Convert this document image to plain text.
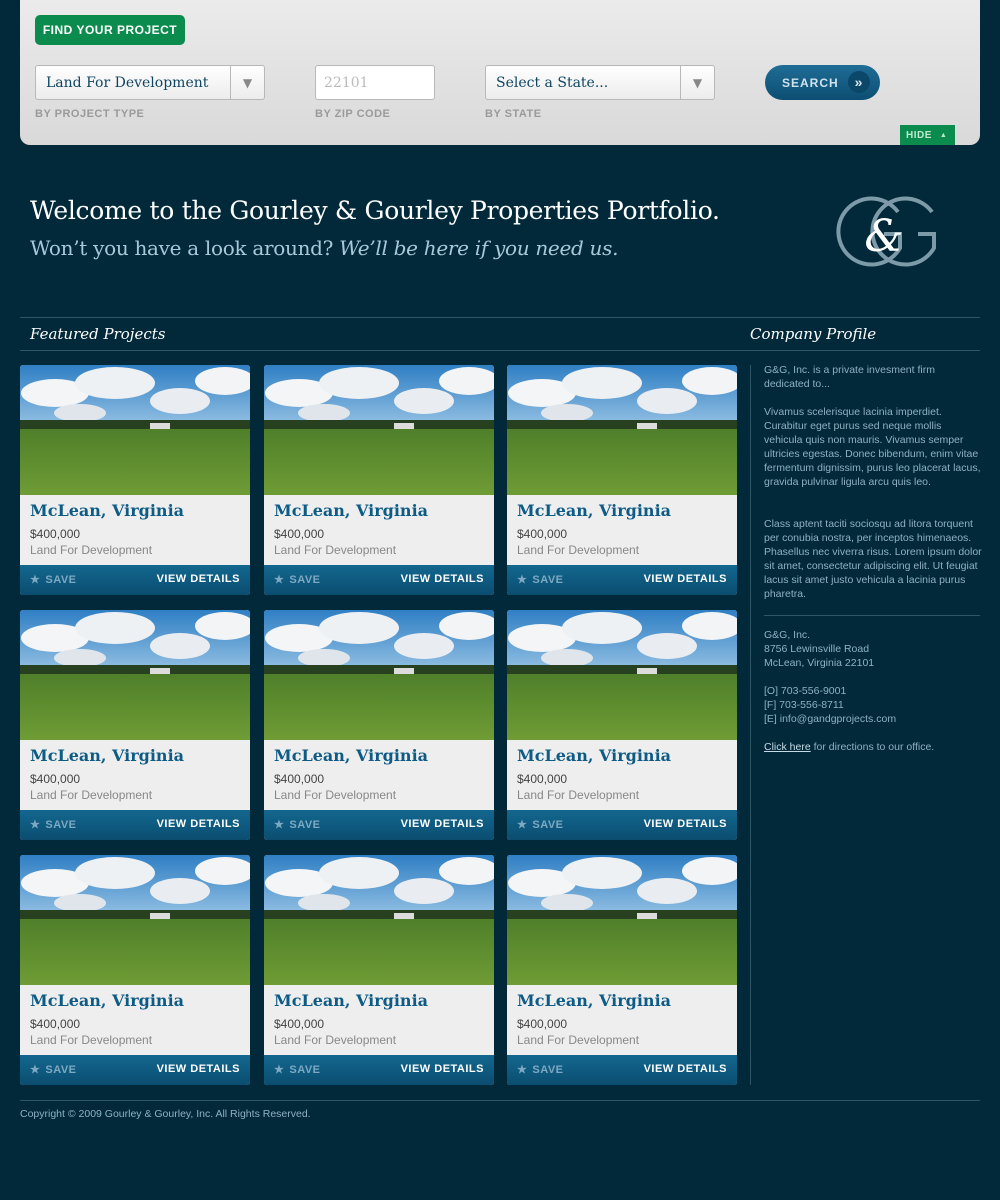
FIND YOUR PROJECT
Land For Development	▼
BY PROJECT TYPE
22101
BY ZIP CODE
Select a State...	▼
BY STATE
SEARCH	»
HIDE ▲
Welcome to the Gourley & Gourley Properties Portfolio.
Won’t you have a look around? We’ll be here if you need us.	&
Featured Projects	Company Profile
McLean, Virginia
$400,000
Land For Development
★ SAVE	VIEW DETAILS
McLean, Virginia
$400,000
Land For Development
★ SAVE	VIEW DETAILS
McLean, Virginia
$400,000
Land For Development
★ SAVE	VIEW DETAILS
McLean, Virginia
$400,000
Land For Development
★ SAVE	VIEW DETAILS
McLean, Virginia
$400,000
Land For Development
★ SAVE	VIEW DETAILS
McLean, Virginia
$400,000
Land For Development
★ SAVE	VIEW DETAILS
McLean, Virginia
$400,000
Land For Development
★ SAVE	VIEW DETAILS
McLean, Virginia
$400,000
Land For Development
★ SAVE	VIEW DETAILS
McLean, Virginia
$400,000
Land For Development
★ SAVE	VIEW DETAILS
G&G, Inc. is a private invesment firm dedicated to...
Vivamus scelerisque lacinia imperdiet. Curabitur eget purus sed neque mollis vehicula quis non mauris. Vivamus semper ultricies egestas. Donec bibendum, enim vitae fermentum dignissim, purus leo placerat lacus, gravida pulvinar ligula arcu quis leo.
Class aptent taciti sociosqu ad litora torquent per conubia nostra, per inceptos himenaeos. Phasellus nec viverra risus. Lorem ipsum dolor sit amet, consectetur adipiscing elit. Ut feugiat lacus sit amet justo vehicula a lacinia purus pharetra.
G&G, Inc.
8756 Lewinsville Road
McLean, Virginia 22101
[O] 703-556-9001
[F] 703-556-8711
[E] info@gandgprojects.com
Click here for directions to our office.
Copyright © 2009 Gourley & Gourley, Inc. All Rights Reserved.
